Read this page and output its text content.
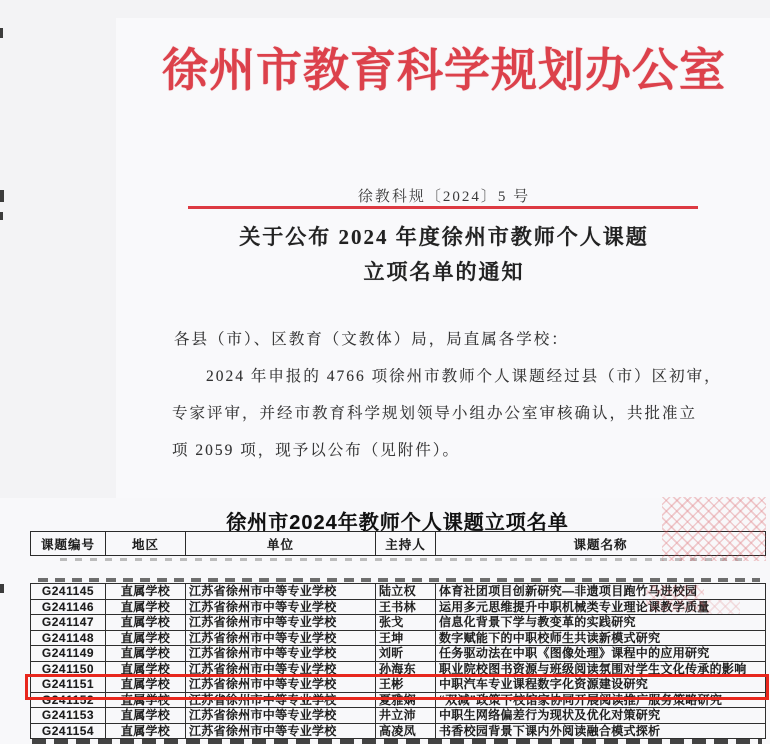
徐州市教育科学规划办公室
徐教科规〔2024〕5 号
关于公布 2024 年度徐州市教师个人课题
立项名单的通知
各县（市）、区教育（文教体）局，局直属各学校：
2024 年申报的 4766 项徐州市教师个人课题经过县（市）区初审，
专家评审，并经市教育科学规划领导小组办公室审核确认，共批准立
项 2059 项，现予以公布（见附件）。
徐州市2024年教师个人课题立项名单
课题编号	地区	单位	主持人	课题名称
G241145	直属学校	江苏省徐州市中等专业学校	陆立权	体育社团项目创新研究—非遗项目跑竹马进校园
G241146	直属学校	江苏省徐州市中等专业学校	王书林	运用多元思维提升中职机械类专业理论课教学质量
G241147	直属学校	江苏省徐州市中等专业学校	张戈	信息化背景下学与教变革的实践研究
G241148	直属学校	江苏省徐州市中等专业学校	王坤	数字赋能下的中职校师生共读新模式研究
G241149	直属学校	江苏省徐州市中等专业学校	刘昕	任务驱动法在中职《图像处理》课程中的应用研究
G241150	直属学校	江苏省徐州市中等专业学校	孙海东	职业院校图书资源与班级阅读氛围对学生文化传承的影响
G241151	直属学校	江苏省徐州市中等专业学校	王彬	中职汽车专业课程数字化资源建设研究
G241152	直属学校	江苏省徐州市中等专业学校	夏雅娴	“双减”政策下校馆家协同开展阅读推广服务策略研究
G241153	直属学校	江苏省徐州市中等专业学校	井立沛	中职生网络偏差行为现状及优化对策研究
G241154	直属学校	江苏省徐州市中等专业学校	高凌凤	书香校园背景下课内外阅读融合模式探析
